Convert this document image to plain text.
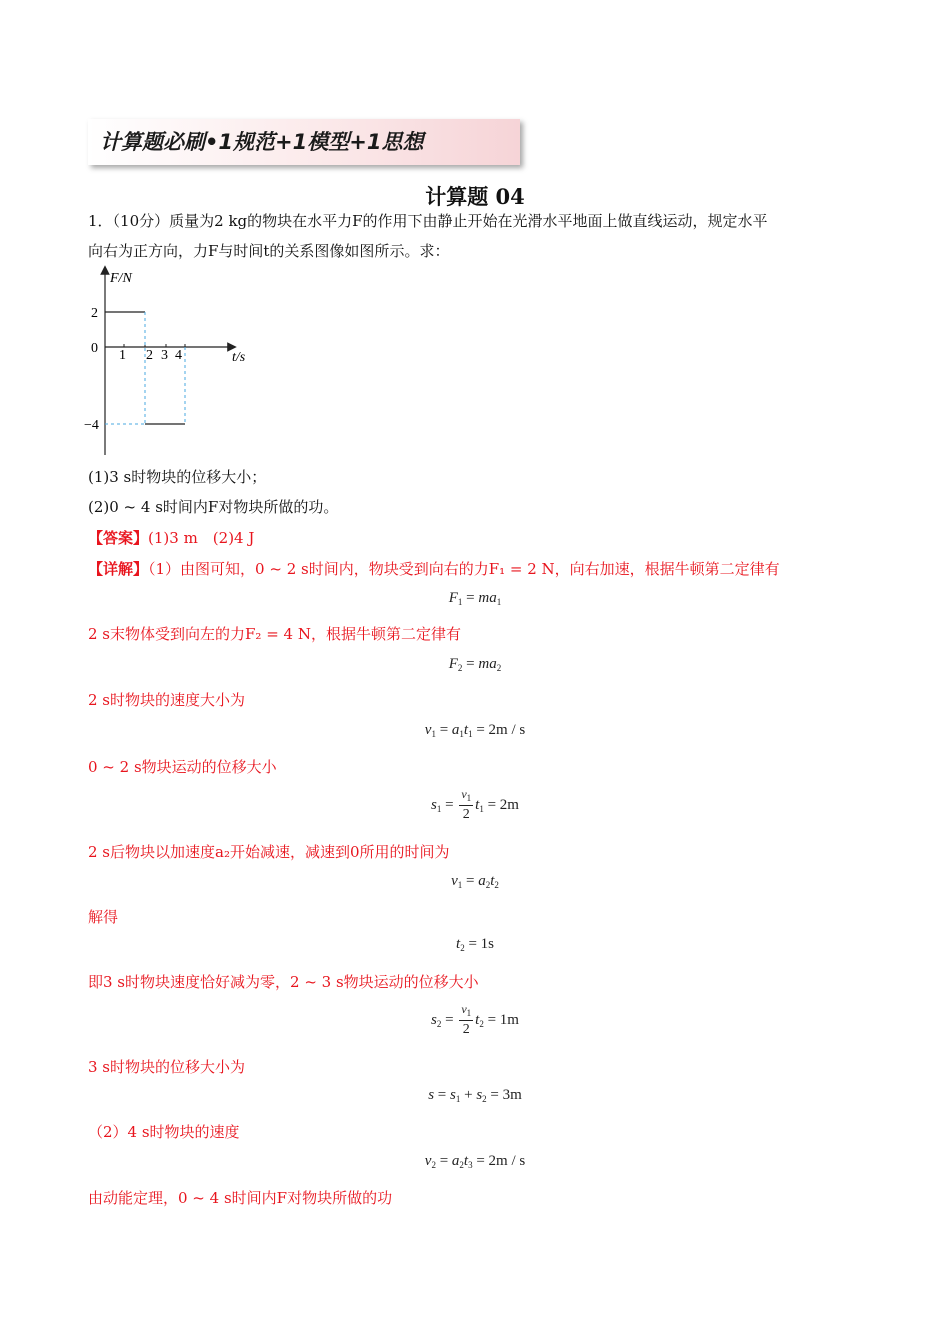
计算题必刷•1规范+1模型+1思想
计算题 04
1．（10分）质量为2 kg的物块在水平力F的作用下由静止开始在光滑水平地面上做直线运动，规定水平
向右为正方向，力F与时间t的关系图像如图所示。求：
F/N
t/s
2
0
−4
1 2 3 4
(1)3 s时物块的位移大小；
(2)0 ~ 4 s时间内F对物块所做的功。
【答案】(1)3 m　(2)4 J
【详解】（1）由图可知，0 ~ 2 s时间内，物块受到向右的力F₁ = 2 N，向右加速，根据牛顿第二定律有
$F_1 = ma_1$
2 s末物体受到向左的力F₂ = 4 N，根据牛顿第二定律有
$F_2 = ma_2$
2 s时物块的速度大小为
$v_1 = a_1t_1 = 2m / s$
0 ~ 2 s物块运动的位移大小
$s_1 = \frac{v_1}{2} t_1 = 2m$
2 s后物块以加速度a₂开始减速，减速到0所用的时间为
$v_1 = a_2t_2$
解得
$t_2 = 1s$
即3 s时物块速度恰好减为零，2 ~ 3 s物块运动的位移大小
$s_2 = \frac{v_1}{2} t_2 = 1m$
3 s时物块的位移大小为
$s = s_1 + s_2 = 3m$
（2）4 s时物块的速度
$v_2 = a_2t_3 = 2m / s$
由动能定理，0 ~ 4 s时间内F对物块所做的功
